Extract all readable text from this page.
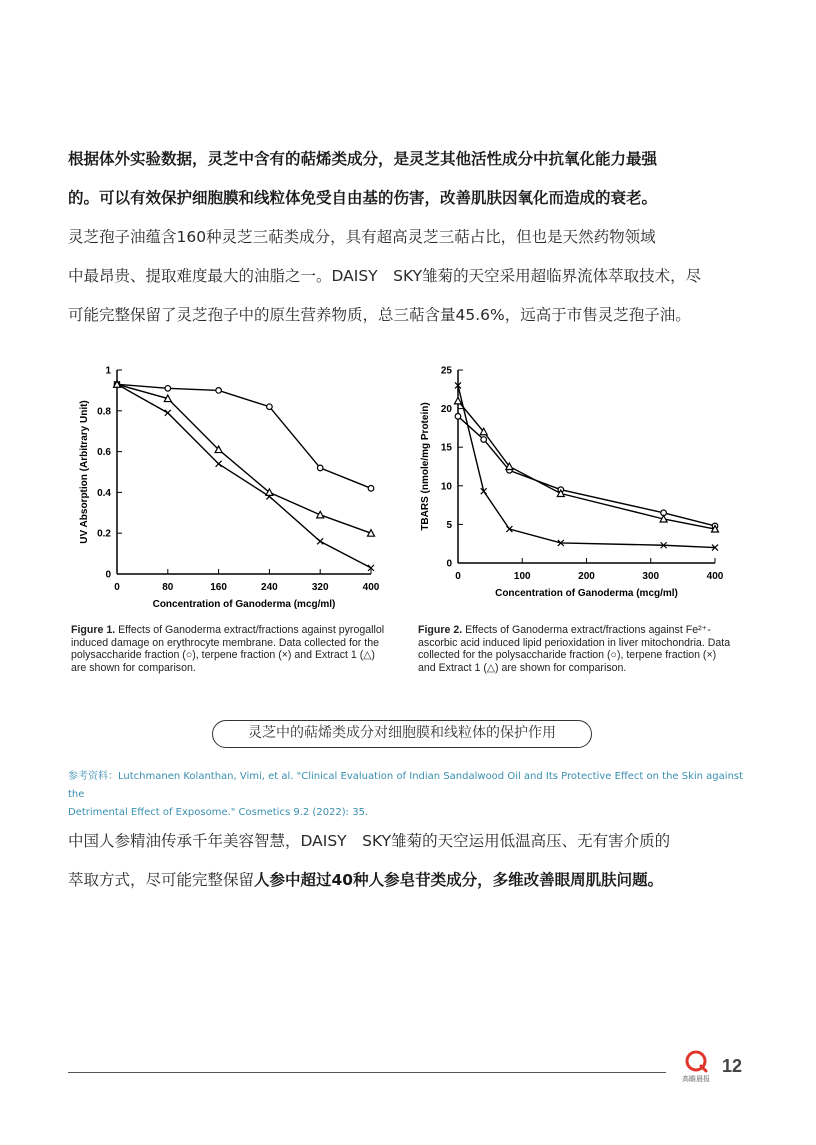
根据体外实验数据，灵芝中含有的萜烯类成分，是灵芝其他活性成分中抗氧化能力最强
的。可以有效保护细胞膜和线粒体免受自由基的伤害，改善肌肤因氧化而造成的衰老。
灵芝孢子油蕴含160种灵芝三萜类成分，具有超高灵芝三萜占比，但也是天然药物领域
中最昂贵、提取难度最大的油脂之一。DAISY　SKY雏菊的天空采用超临界流体萃取技术，尽
可能完整保留了灵芝孢子中的原生营养物质，总三萜含量45.6%，远高于市售灵芝孢子油。
0
0.2
0.4
0.6
0.8
1
0	80	160	240	320	400
Concentration of Ganoderma (mcg/ml)
UV Absorption (Arbitrary Unit)
0
5
10
15
20
25
0	100	200	300	400
Concentration of Ganoderma (mcg/ml)
TBARS (nmole/mg Protein)
Figure 1. Effects of Ganoderma extract/fractions against pyrogallol induced damage on erythrocyte membrane. Data collected for the polysaccharide fraction (○), terpene fraction (×) and Extract 1 (△) are shown for comparison.
Figure 2. Effects of Ganoderma extract/fractions against Fe²⁺-ascorbic acid induced lipid perioxidation in liver mitochondria. Data collected for the polysaccharide fraction (○), terpene fraction (×) and Extract 1 (△) are shown for comparison.
灵芝中的萜烯类成分对细胞膜和线粒体的保护作用
参考资料：Lutchmanen Kolanthan, Vimi, et al. "Clinical Evaluation of Indian Sandalwood Oil and Its Protective Effect on the Skin against the
Detrimental Effect of Exposome." Cosmetics 9.2 (2022): 35.
中国人参精油传承千年美容智慧，DAISY　SKY雏菊的天空运用低温高压、无有害介质的
萃取方式，尽可能完整保留人参中超过40种人参皂苷类成分，多维改善眼周肌肤问题。
高瞻晨报
12
